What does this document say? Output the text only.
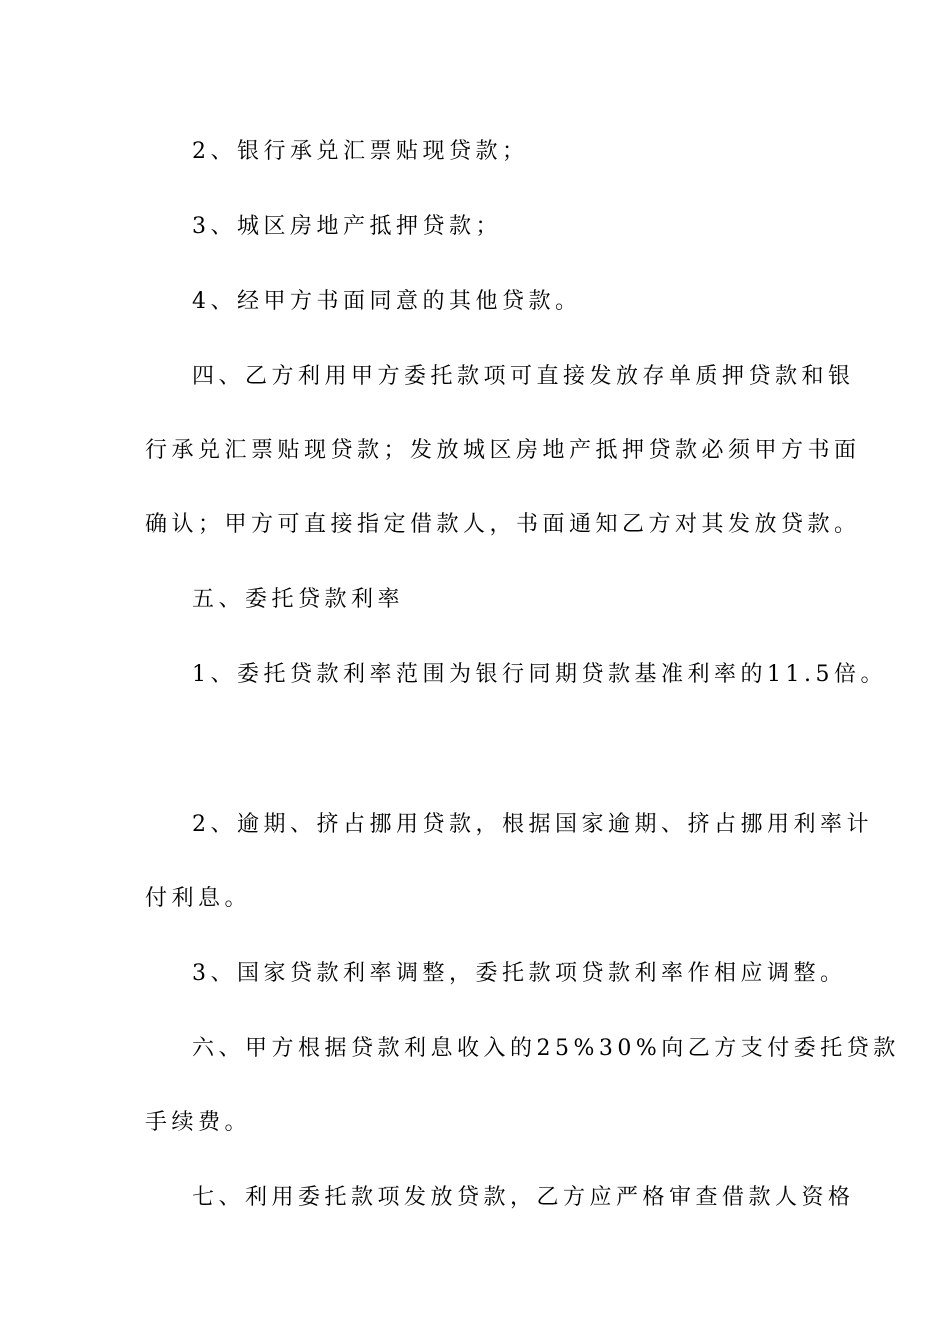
2、银行承兑汇票贴现贷款；
3、城区房地产抵押贷款；
4、经甲方书面同意的其他贷款。
四、乙方利用甲方委托款项可直接发放存单质押贷款和银
行承兑汇票贴现贷款；发放城区房地产抵押贷款必须甲方书面
确认；甲方可直接指定借款人，书面通知乙方对其发放贷款。
五、委托贷款利率
1、委托贷款利率范围为银行同期贷款基准利率的11.5倍。
2、逾期、挤占挪用贷款，根据国家逾期、挤占挪用利率计
付利息。
3、国家贷款利率调整，委托款项贷款利率作相应调整。
六、甲方根据贷款利息收入的25%30%向乙方支付委托贷款
手续费。
七、利用委托款项发放贷款，乙方应严格审查借款人资格
